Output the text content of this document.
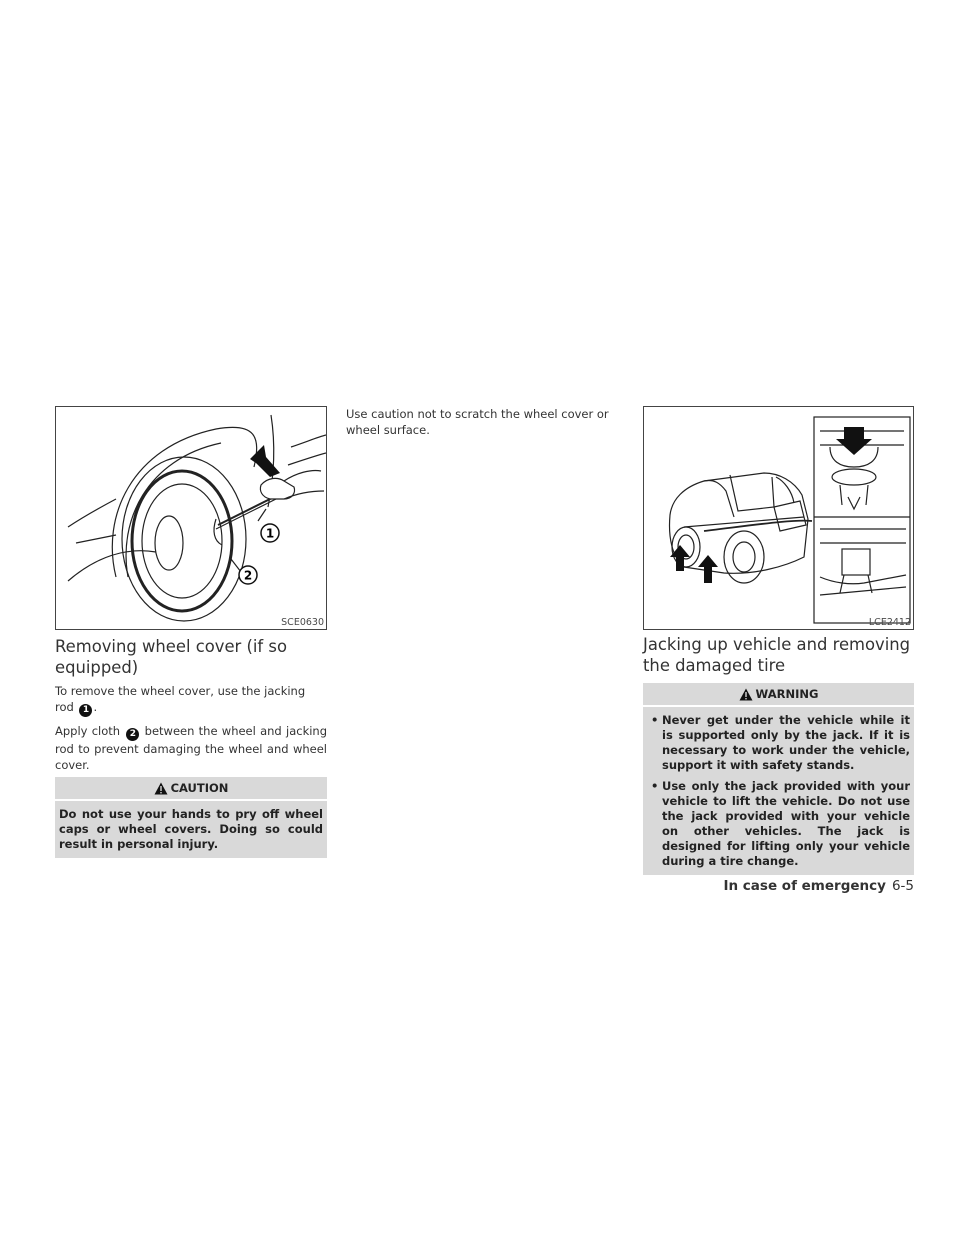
1
2
SCE0630
Removing wheel cover (if so equipped)

To remove the wheel cover, use the jacking rod 1 .

Apply cloth 2 between the wheel and jacking rod to prevent damaging the wheel and wheel cover.

CAUTION
Do not use your hands to pry off wheel caps or wheel covers. Doing so could result in personal injury.

Use caution not to scratch the wheel cover or wheel surface.

LCE2412
Jacking up vehicle and removing the damaged tire
WARNING
• Never get under the vehicle while it is supported only by the jack. If it is necessary to work under the vehicle, support it with safety stands.
• Use only the jack provided with your vehicle to lift the vehicle. Do not use the jack provided with your vehicle on other vehicles. The jack is designed for lifting only your vehicle during a tire change.
In case of emergency 6-5
